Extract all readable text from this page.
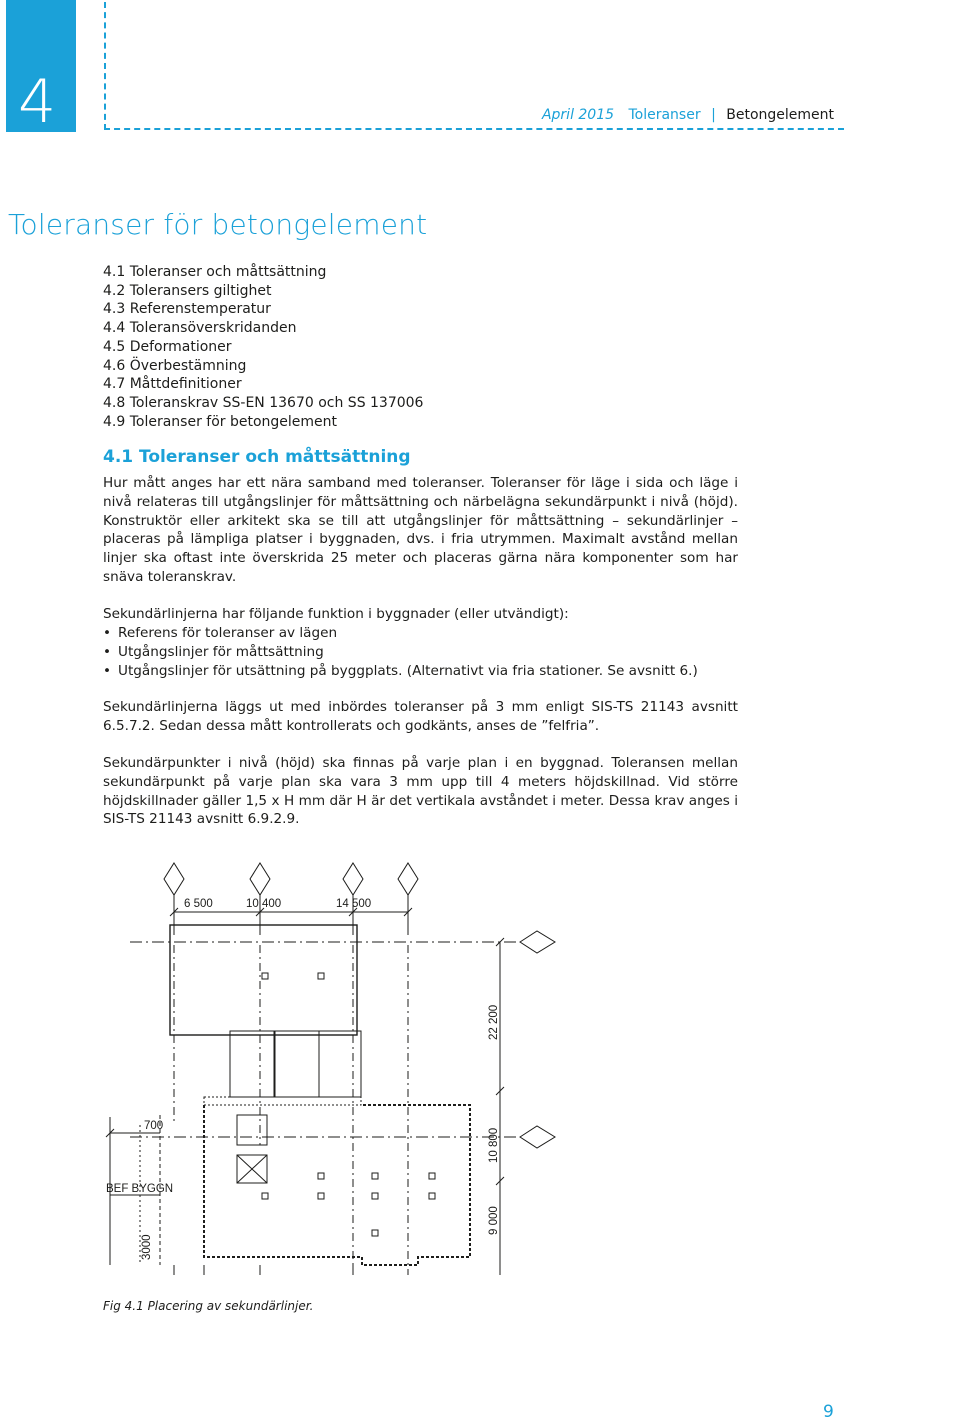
4	April 2015 Toleranser | Betongelement
Toleranser för betongelement
4.1 Toleranser och måttsättning
4.2 Toleransers giltighet
4.3 Referenstemperatur
4.4 Toleransöverskridanden
4.5 Deformationer
4.6 Överbestämning
4.7 Måttdefinitioner
4.8 Toleranskrav SS-EN 13670 och SS 137006
4.9 Toleranser för betongelement
4.1 Toleranser och måttsättning

Hur mått anges har ett nära samband med toleranser. Toleranser för läge i sida och läge i nivå relateras till utgångslinjer för måttsättning och närbelägna sekundärpunkt i nivå (höjd). Konstruktör eller arkitekt ska se till att utgångslinjer för måttsättning – sekundärlinjer – placeras på lämpliga platser i byggnaden, dvs. i fria utrymmen. Maximalt avstånd mellan linjer ska oftast inte överskrida 25 meter och placeras gärna nära komponenter som har snäva toleranskrav.

Sekundärlinjerna har följande funktion i byggnader (eller utvändigt):

• Referens för toleranser av lägen
• Utgångslinjer för måttsättning
• Utgångslinjer för utsättning på byggplats. (Alternativt via fria stationer. Se avsnitt 6.)

Sekundärlinjerna läggs ut med inbördes toleranser på 3 mm enligt SIS-TS 21143 avsnitt 6.5.7.2. Sedan dessa mått kontrollerats och godkänts, anses de ”felfria”.

Sekundärpunkter i nivå (höjd) ska finnas på varje plan i en byggnad. Toleransen mellan sekundärpunkt på varje plan ska vara 3 mm upp till 4 meters höjdskillnad. Vid större höjdskillnader gäller 1,5 x H mm där H är det vertikala avståndet i meter. Dessa krav anges i SIS-TS 21143 avsnitt 6.9.2.9.

6 500	10 400	14 500
22 200
10 800
9 000
700
BEF BYGGN
3000

Fig 4.1 Placering av sekundärlinjer.

9
